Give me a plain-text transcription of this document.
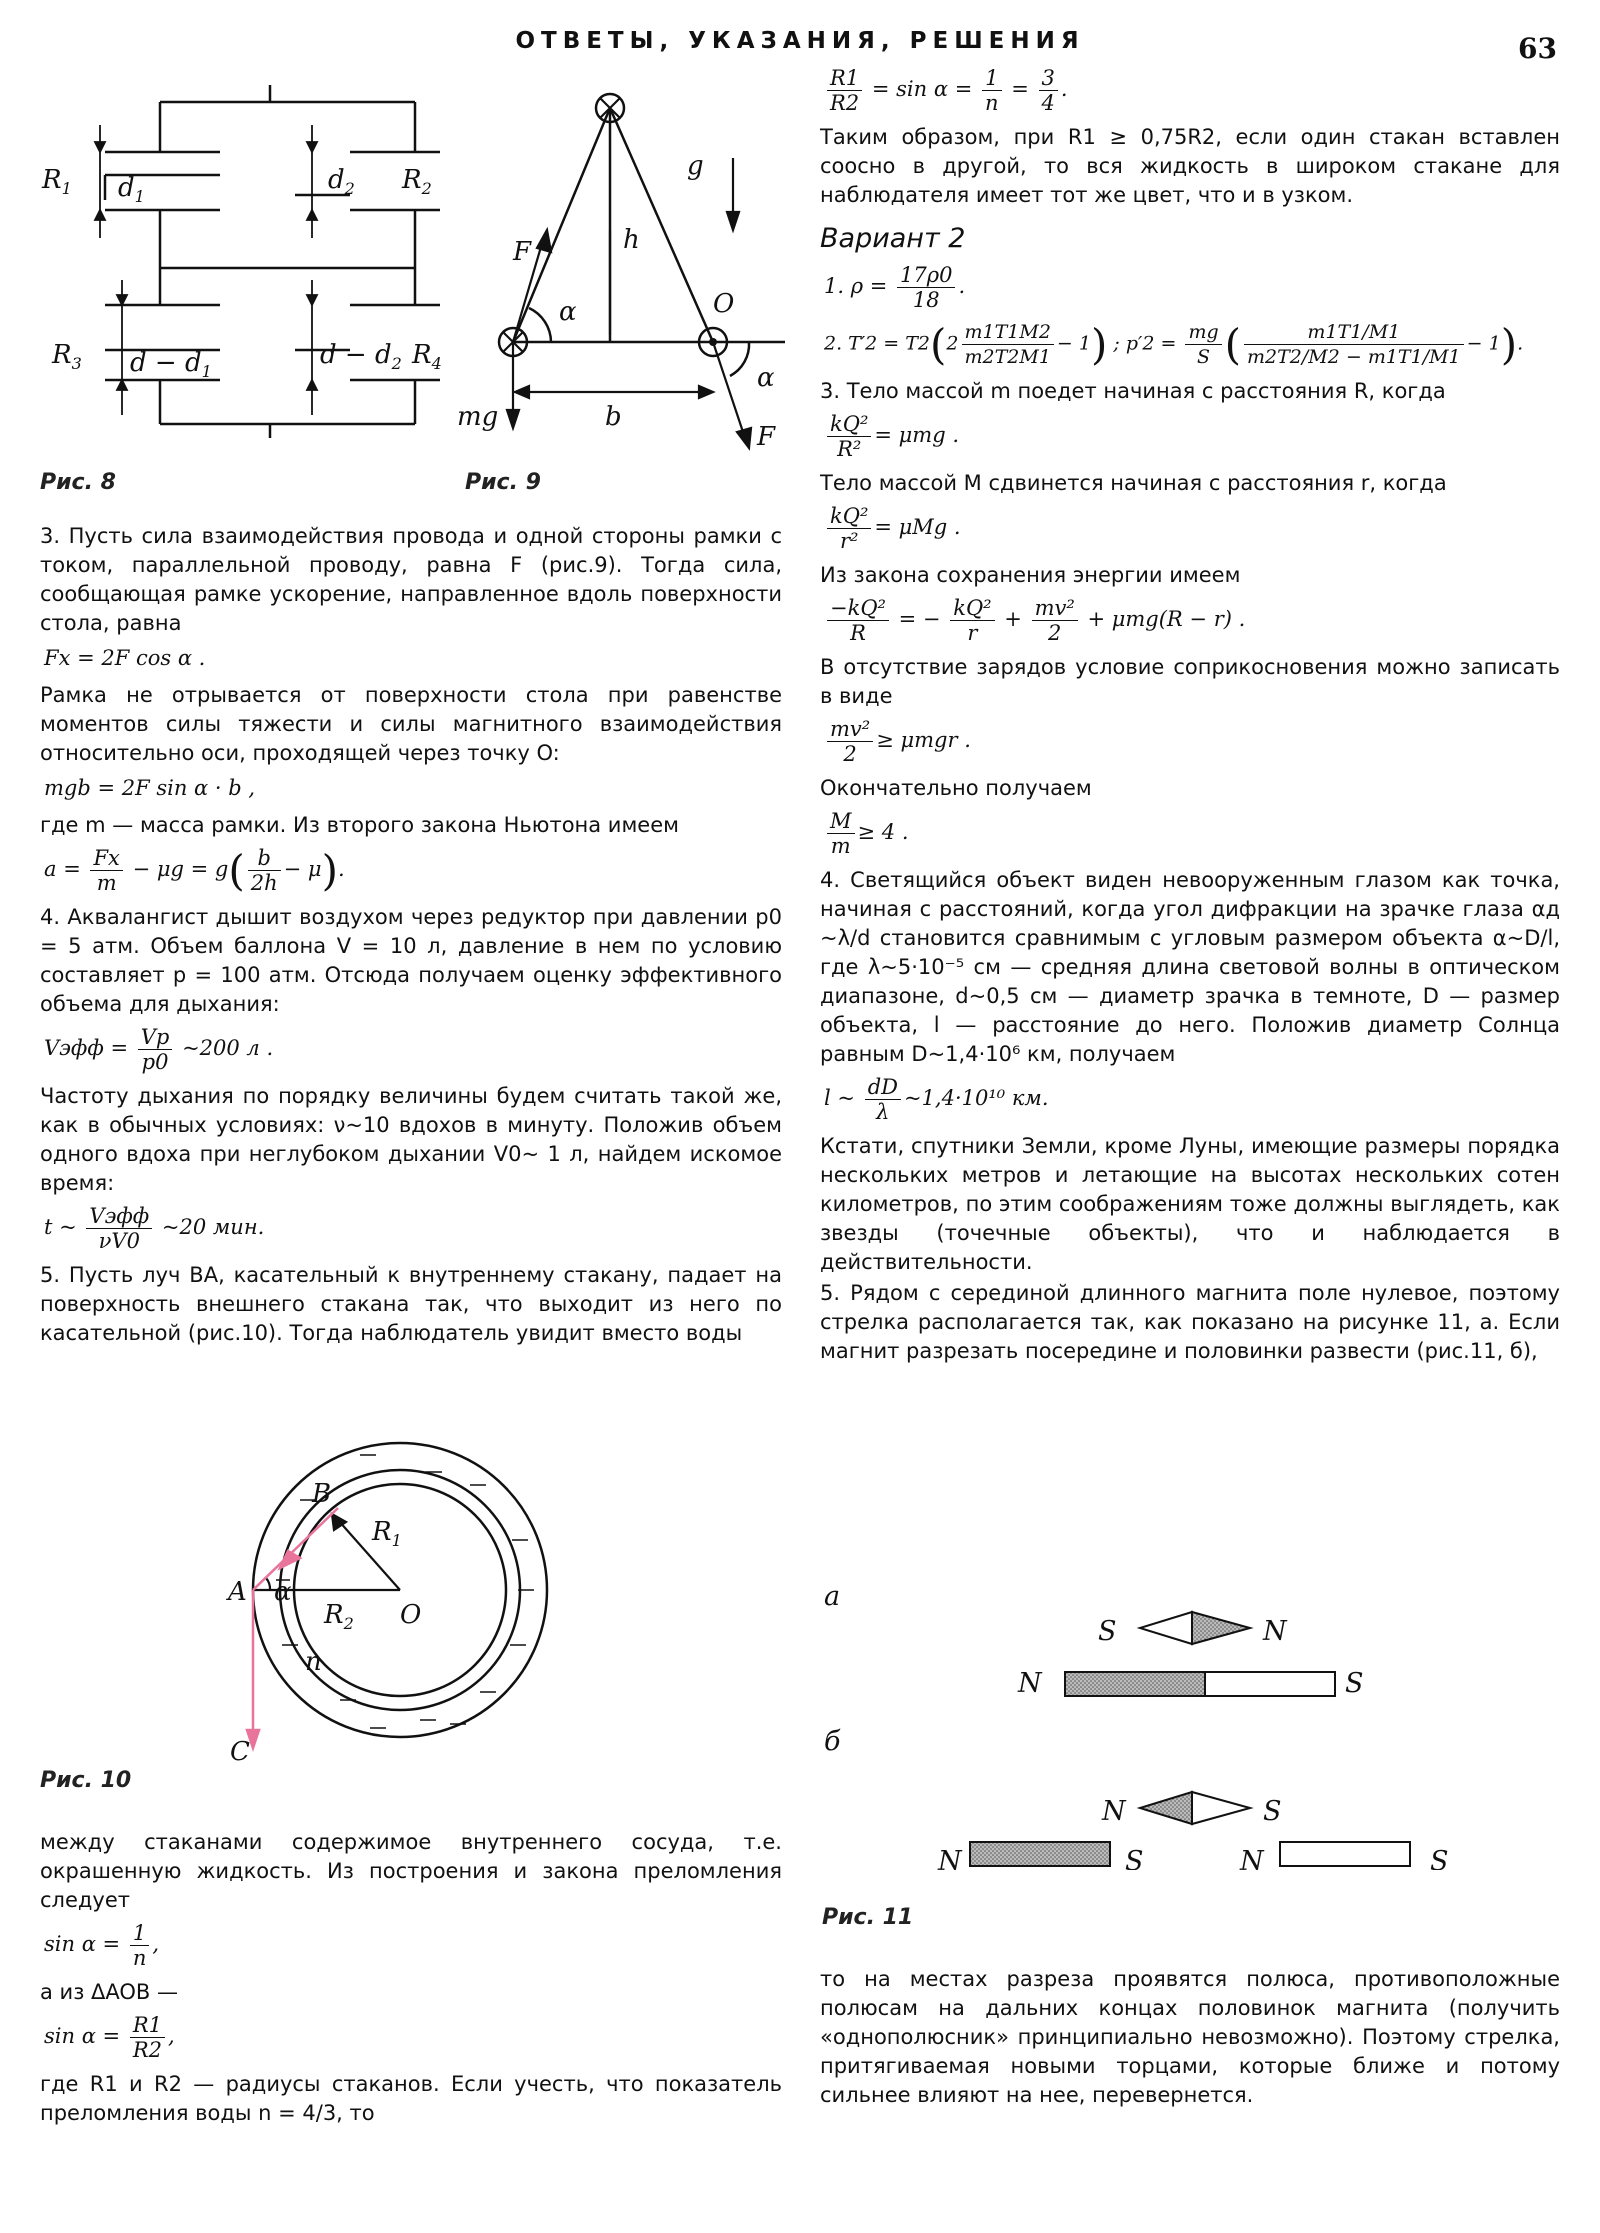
ОТВЕТЫ, УКАЗАНИЯ, РЕШЕНИЯ	63
$R_1$ $d_1$
$d_2$ $R_2$
$R_3$ $d - d_1$
$d - d_2$ $R_4$
Рис. 8
F
g
h
O
α
α
mg	b
F
Рис. 9

3. Пусть сила взаимодействия провода и одной стороны рамки с током, параллельной проводу, равна F (рис.9). Тогда сила, сообщающая рамке ускорение, направленное вдоль поверхности стола, равна

Fx = 2F cos α .

Рамка не отрывается от поверхности стола при равенстве моментов силы тяжести и силы магнитного взаимодействия относительно оси, проходящей через точку O:

mgb = 2F sin α · b ,

где m — масса рамки. Из второго закона Ньютона имеем

$a = \frac{Fx}{m} - \mu g = g( \frac{b}{2h} - \mu)$.

4. Аквалангист дышит воздухом через редуктор при давлении p0 = 5 атм. Объем баллона V = 10 л, давление в нем по условию составляет p = 100 атм. Отсюда получаем оценку эффективного объема для дыхания:

Vэфф = $\frac{Vp}{p0}$ ~200 л .

Частоту дыхания по порядку величины будем считать такой же, как в обычных условиях: ν~10 вдохов в минуту. Положив объем одного вдоха при неглубоком дыхании V0~ 1 л, найдем искомое время:

t ~ $\frac{\text{Vэфф}}{\nu V0}$ ~20 мин.

5. Пусть луч BA, касательный к внутреннему стакану, падает на поверхность внешнего стакана так, что выходит из него по касательной (рис.10). Тогда наблюдатель увидит вместо воды

B
A
$R_1$
$R_2$ O
α
n
C
Рис. 10

между стаканами содержимое внутреннего сосуда, т.е. окрашенную жидкость. Из построения и закона преломления следует

$\sin \alpha = \frac{1}{n}$ ,

а из ΔAOB —

$\sin \alpha = \frac{R1}{R2}$ ,

где R1 и R2 — радиусы стаканов. Если учесть, что показатель преломления воды n = 4/3, то

$\frac{R1}{R2} = \sin \alpha = \frac{1}{n} = \frac{3}{4}$ .

Таким образом, при R1 ≥ 0,75R2, если один стакан вставлен соосно в другой, то вся жидкость в широком стакане для наблюдателя имеет тот же цвет, что и в узком.

Вариант 2
1. $\rho = \frac{17\rho 0}{18}$ .
2. $T'2 = T2(2 \frac{m1T1M2}{m2T2M1} - 1)$ ; $p'2 = \frac{mg}{S}$ ( $\frac{m1T1/M1}{m2T2/M2 - m1T1/M1} - 1$).

3. Тело массой m поедет начиная с расстояния R, когда

$\frac{\text{kQ²}}{\text{R²}} = \mu mg$ .

Тело массой M сдвинется начиная с расстояния r, когда

$\frac{\text{kQ²}}{\text{r²}} = \mu Mg$ .

Из закона сохранения энергии имеем

$\frac{\text{−kQ²}}{R}$ = − $\frac{\text{kQ²}}{r} + \frac{\text{mv²}}{2} + \mu mg(R - r)$ .

В отсутствие зарядов условие соприкосновения можно записать в виде

$\frac{\text{mv²}}{2} \ge \mu mgr$ .

Окончательно получаем

$\frac{M}{m} \ge 4$ .

4. Светящийся объект виден невооруженным глазом как точка, начиная с расстояний, когда угол дифракции на зрачке глаза αд ~λ/d становится сравнимым с угловым размером объекта α~D/l, где λ~5·10⁻⁵ см — средняя длина световой волны в оптическом диапазоне, d~0,5 см — диаметр зрачка в темноте, D — размер объекта, l — расстояние до него. Положив диаметр Солнца равным D~1,4·10⁶ км, получаем

l ~ $\frac{dD}{\lambda}$ ~1,4·10¹⁰ км.

Кстати, спутники Земли, кроме Луны, имеющие размеры порядка нескольких метров и летающие на высотах нескольких сотен километров, по этим соображениям тоже должны выглядеть, как звезды (точечные объекты), что и наблюдается в действительности.

5. Рядом с серединой длинного магнита поле нулевое, поэтому стрелка располагается так, как показано на рисунке 11, а. Если магнит разрезать посередине и половинки развести (рис.11, б),

а
б
S	N
N	S
N	S
N	S	N	S
Рис. 11

то на местах разреза проявятся полюса, противоположные полюсам на дальних концах половинок магнита (получить «однополюсник» принципиально невозможно). Поэтому стрелка, притягиваемая новыми торцами, которые ближе и потому сильнее влияют на нее, перевернется.
